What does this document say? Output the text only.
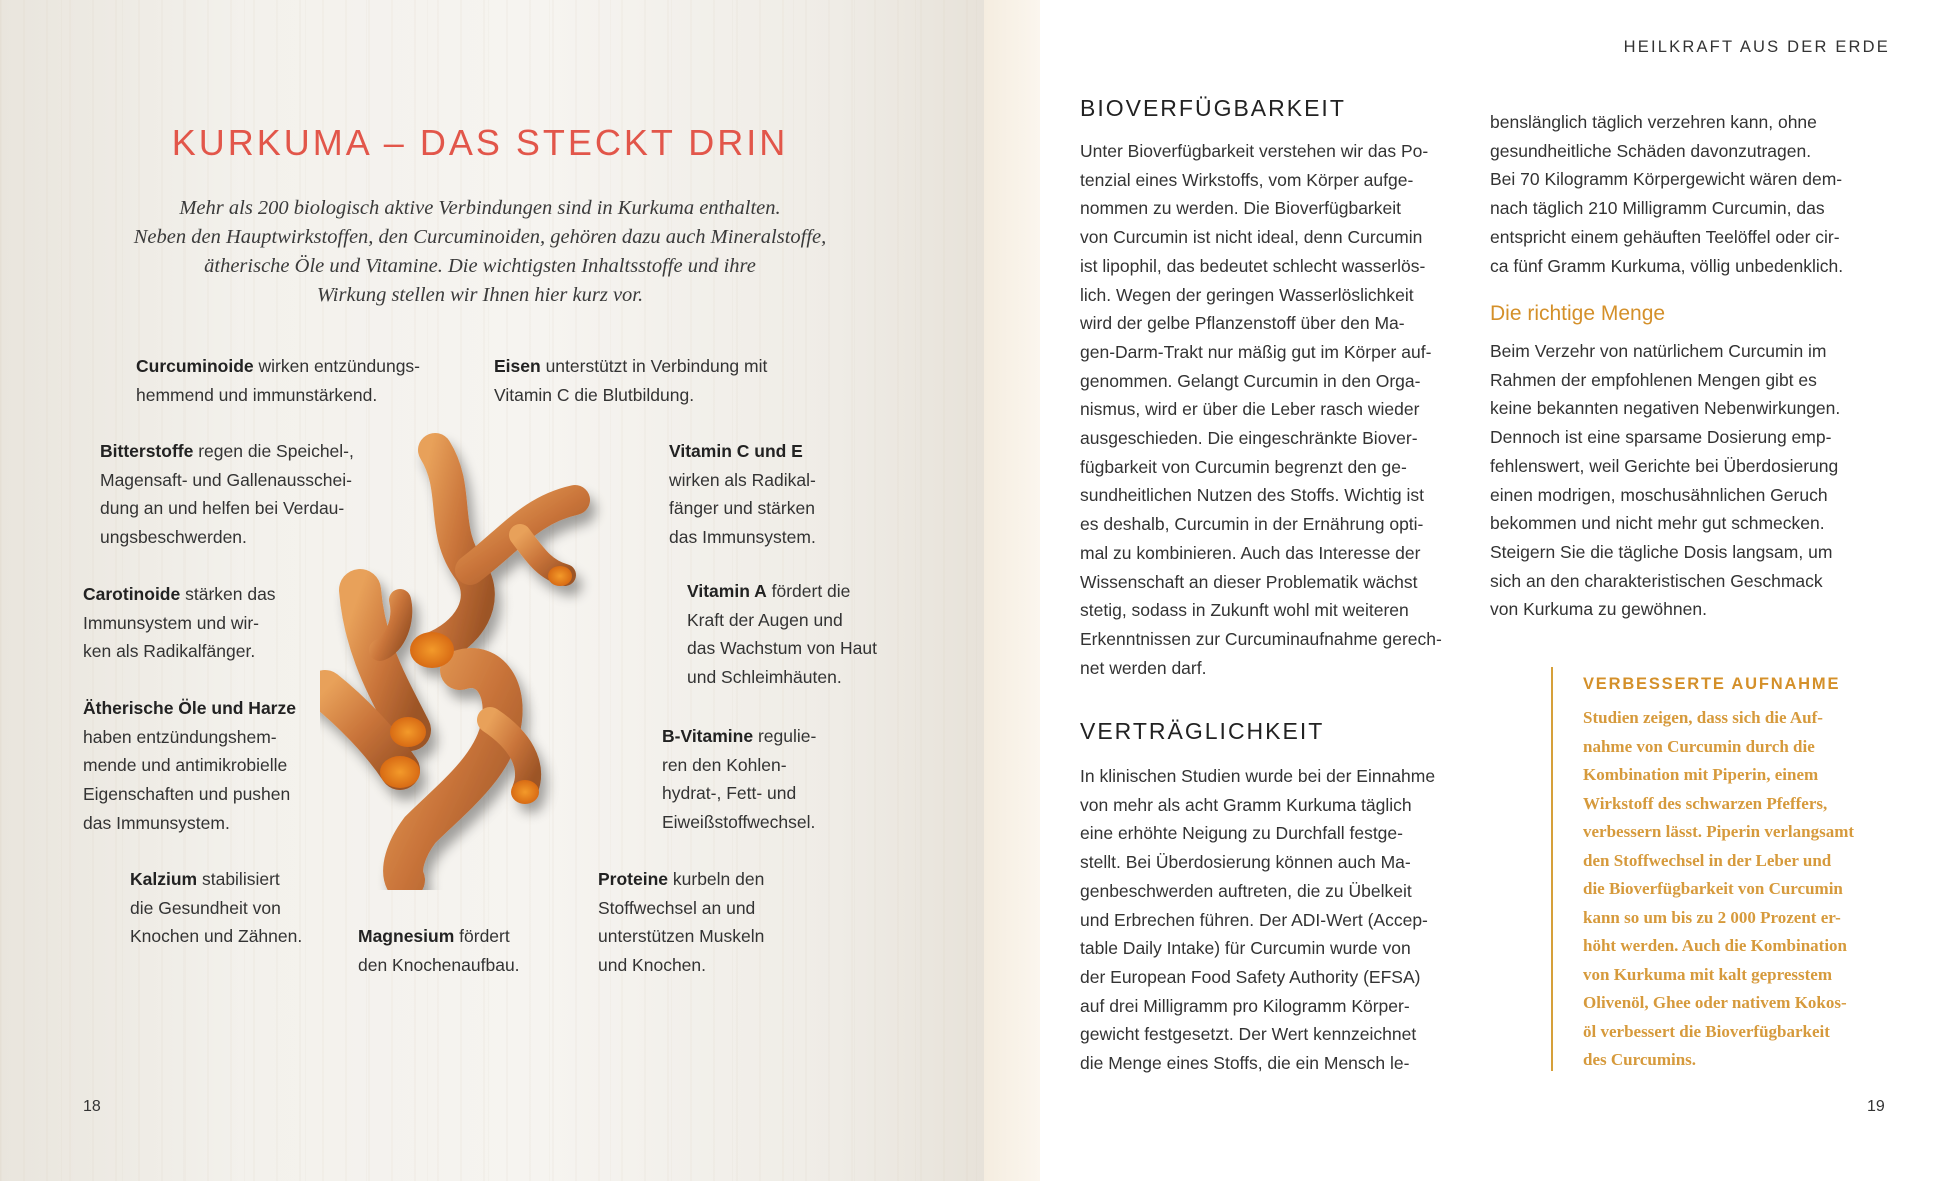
KURKUMA – DAS STECKT DRIN
Mehr als 200 biologisch aktive Verbindungen sind in Kurkuma enthalten.
Neben den Hauptwirkstoffen, den Curcuminoiden, gehören dazu auch Mineralstoffe,
ätherische Öle und Vitamine. Die wichtigsten Inhaltsstoffe und ihre
Wirkung stellen wir Ihnen hier kurz vor.
Curcuminoide wirken entzündungs-
hemmend und immunstärkend.
Eisen unterstützt in Verbindung mit
Vitamin C die Blutbildung.
Bitterstoffe regen die Speichel-,
Magensaft- und Gallenausschei-
dung an und helfen bei Verdau-
ungsbeschwerden.
Vitamin C und E
wirken als Radikal-
fänger und stärken
das Immunsystem.
Carotinoide stärken das
Immunsystem und wir-
ken als Radikalfänger.
Vitamin A fördert die
Kraft der Augen und
das Wachstum von Haut
und Schleimhäuten.
Ätherische Öle und Harze
haben entzündungshem-
mende und antimikrobielle
Eigenschaften und pushen
das Immunsystem.
B-Vitamine regulie-
ren den Kohlen-
hydrat-, Fett- und
Eiweißstoffwechsel.
Kalzium stabilisiert
die Gesundheit von
Knochen und Zähnen.	Magnesium fördert
den Knochenaufbau.
Proteine kurbeln den
Stoffwechsel an und
unterstützen Muskeln
und Knochen.
18
HEILKRAFT AUS DER ERDE
BIOVERFÜGBARKEIT
Unter Bioverfügbarkeit verstehen wir das Po-
tenzial eines Wirkstoffs, vom Körper aufge-
nommen zu werden. Die Bioverfügbarkeit
von Curcumin ist nicht ideal, denn Curcumin
ist lipophil, das bedeutet schlecht wasserlös-
lich. Wegen der geringen Wasserlöslichkeit
wird der gelbe Pflanzenstoff über den Ma-
gen-Darm-Trakt nur mäßig gut im Körper auf-
genommen. Gelangt Curcumin in den Orga-
nismus, wird er über die Leber rasch wieder
ausgeschieden. Die eingeschränkte Biover-
fügbarkeit von Curcumin begrenzt den ge-
sundheitlichen Nutzen des Stoffs. Wichtig ist
es deshalb, Curcumin in der Ernährung opti-
mal zu kombinieren. Auch das Interesse der
Wissenschaft an dieser Problematik wächst
stetig, sodass in Zukunft wohl mit weiteren
Erkenntnissen zur Curcuminaufnahme gerech-
net werden darf.
VERTRÄGLICHKEIT
In klinischen Studien wurde bei der Einnahme
von mehr als acht Gramm Kurkuma täglich
eine erhöhte Neigung zu Durchfall festge-
stellt. Bei Überdosierung können auch Ma-
genbeschwerden auftreten, die zu Übelkeit
und Erbrechen führen. Der ADI-Wert (Accep-
table Daily Intake) für Curcumin wurde von
der European Food Safety Authority (EFSA)
auf drei Milligramm pro Kilogramm Körper-
gewicht festgesetzt. Der Wert kennzeichnet
die Menge eines Stoffs, die ein Mensch le-
benslänglich täglich verzehren kann, ohne
gesundheitliche Schäden davonzutragen.
Bei 70 Kilogramm Körpergewicht wären dem-
nach täglich 210 Milligramm Curcumin, das
entspricht einem gehäuften Teelöffel oder cir-
ca fünf Gramm Kurkuma, völlig unbedenklich.
Die richtige Menge
Beim Verzehr von natürlichem Curcumin im
Rahmen der empfohlenen Mengen gibt es
keine bekannten negativen Nebenwirkungen.
Dennoch ist eine sparsame Dosierung emp-
fehlenswert, weil Gerichte bei Überdosierung
einen modrigen, moschusähnlichen Geruch
bekommen und nicht mehr gut schmecken.
Steigern Sie die tägliche Dosis langsam, um
sich an den charakteristischen Geschmack
von Kurkuma zu gewöhnen.
VERBESSERTE AUFNAHME
Studien zeigen, dass sich die Auf-
nahme von Curcumin durch die
Kombination mit Piperin, einem
Wirkstoff des schwarzen Pfeffers,
verbessern lässt. Piperin verlangsamt
den Stoffwechsel in der Leber und
die Bioverfügbarkeit von Curcumin
kann so um bis zu 2 000 Prozent er-
höht werden. Auch die Kombination
von Kurkuma mit kalt gepresstem
Olivenöl, Ghee oder nativem Kokos-
öl verbessert die Bioverfügbarkeit
des Curcumins.
19
